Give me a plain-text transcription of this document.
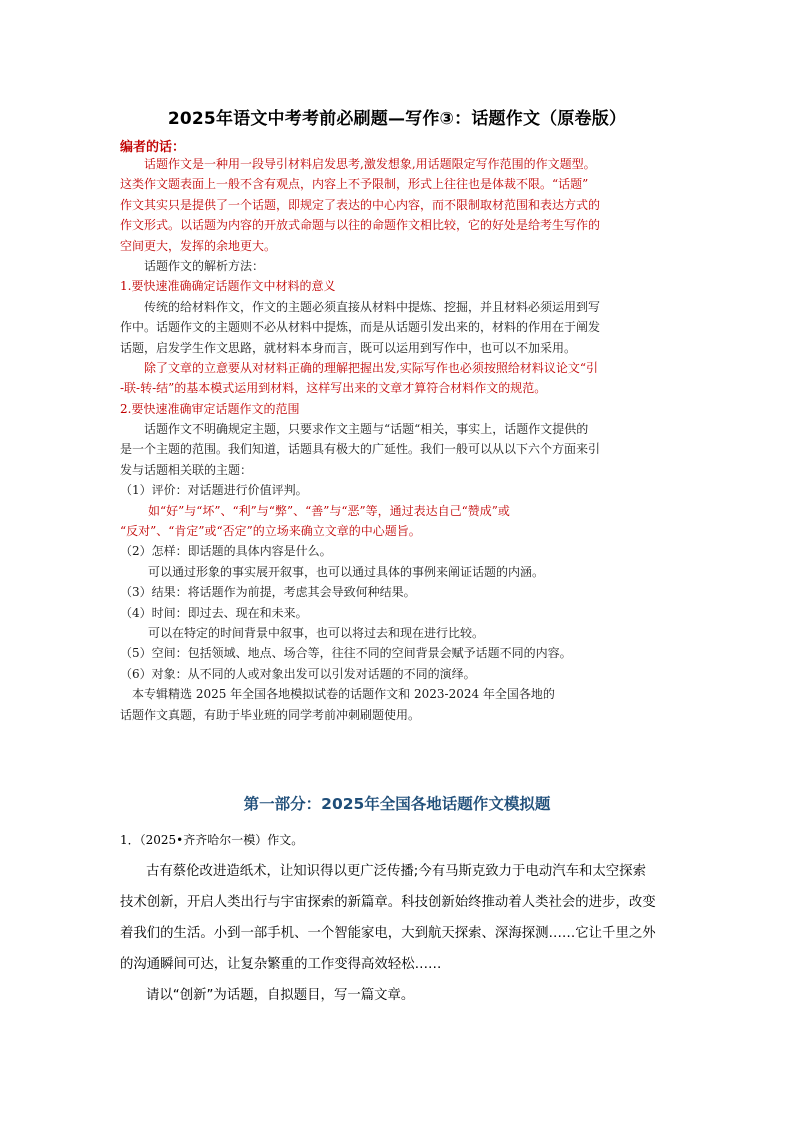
2025年语文中考考前必刷题—写作③：话题作文（原卷版）
编者的话：
话题作文是一种用一段导引材料启发思考,激发想象,用话题限定写作范围的作文题型。
这类作文题表面上一般不含有观点，内容上不予限制，形式上往往也是体裁不限。“话题”
作文其实只是提供了一个话题，即规定了表达的中心内容，而不限制取材范围和表达方式的
作文形式。以话题为内容的开放式命题与以往的命题作文相比较，它的好处是给考生写作的
空间更大，发挥的余地更大。
话题作文的解析方法：
1.要快速准确确定话题作文中材料的意义
传统的给材料作文，作文的主题必须直接从材料中提炼、挖掘，并且材料必须运用到写
作中。话题作文的主题则不必从材料中提炼，而是从话题引发出来的，材料的作用在于阐发
话题，启发学生作文思路，就材料本身而言，既可以运用到写作中，也可以不加采用。
除了文章的立意要从对材料正确的理解把握出发,实际写作也必须按照给材料议论文“引
-联-转-结”的基本模式运用到材料，这样写出来的文章才算符合材料作文的规范。
2.要快速准确审定话题作文的范围
话题作文不明确规定主题，只要求作文主题与“话题“相关，事实上，话题作文提供的
是一个主题的范围。我们知道，话题具有极大的广延性。我们一般可以从以下六个方面来引
发与话题相关联的主题：
（1）评价：对话题进行价值评判。
如“好”与“坏”、“利”与“弊”、“善”与“恶”等，通过表达自己“赞成”或
“反对”、“肯定”或“否定”的立场来确立文章的中心题旨。
（2）怎样：即话题的具体内容是什么。
可以通过形象的事实展开叙事，也可以通过具体的事例来阐证话题的内涵。
（3）结果：将话题作为前提，考虑其会导致何种结果。
（4）时间：即过去、现在和未来。
可以在特定的时间背景中叙事，也可以将过去和现在进行比较。
（5）空间：包括领域、地点、场合等，往往不同的空间背景会赋予话题不同的内容。
（6）对象：从不同的人或对象出发可以引发对话题的不同的演绎。
本专辑精选 2025 年全国各地模拟试卷的话题作文和 2023-2024 年全国各地的
话题作文真题，有助于毕业班的同学考前冲刺刷题使用。
第一部分：2025年全国各地话题作文模拟题
1．（2025•齐齐哈尔一模）作文。
古有蔡伦改进造纸术，让知识得以更广泛传播;今有马斯克致力于电动汽车和太空探索
技术创新，开启人类出行与宇宙探索的新篇章。科技创新始终推动着人类社会的进步，改变
着我们的生活。小到一部手机、一个智能家电，大到航天探索、深海探测……它让千里之外
的沟通瞬间可达，让复杂繁重的工作变得高效轻松……
请以“创新”为话题，自拟题目，写一篇文章。
